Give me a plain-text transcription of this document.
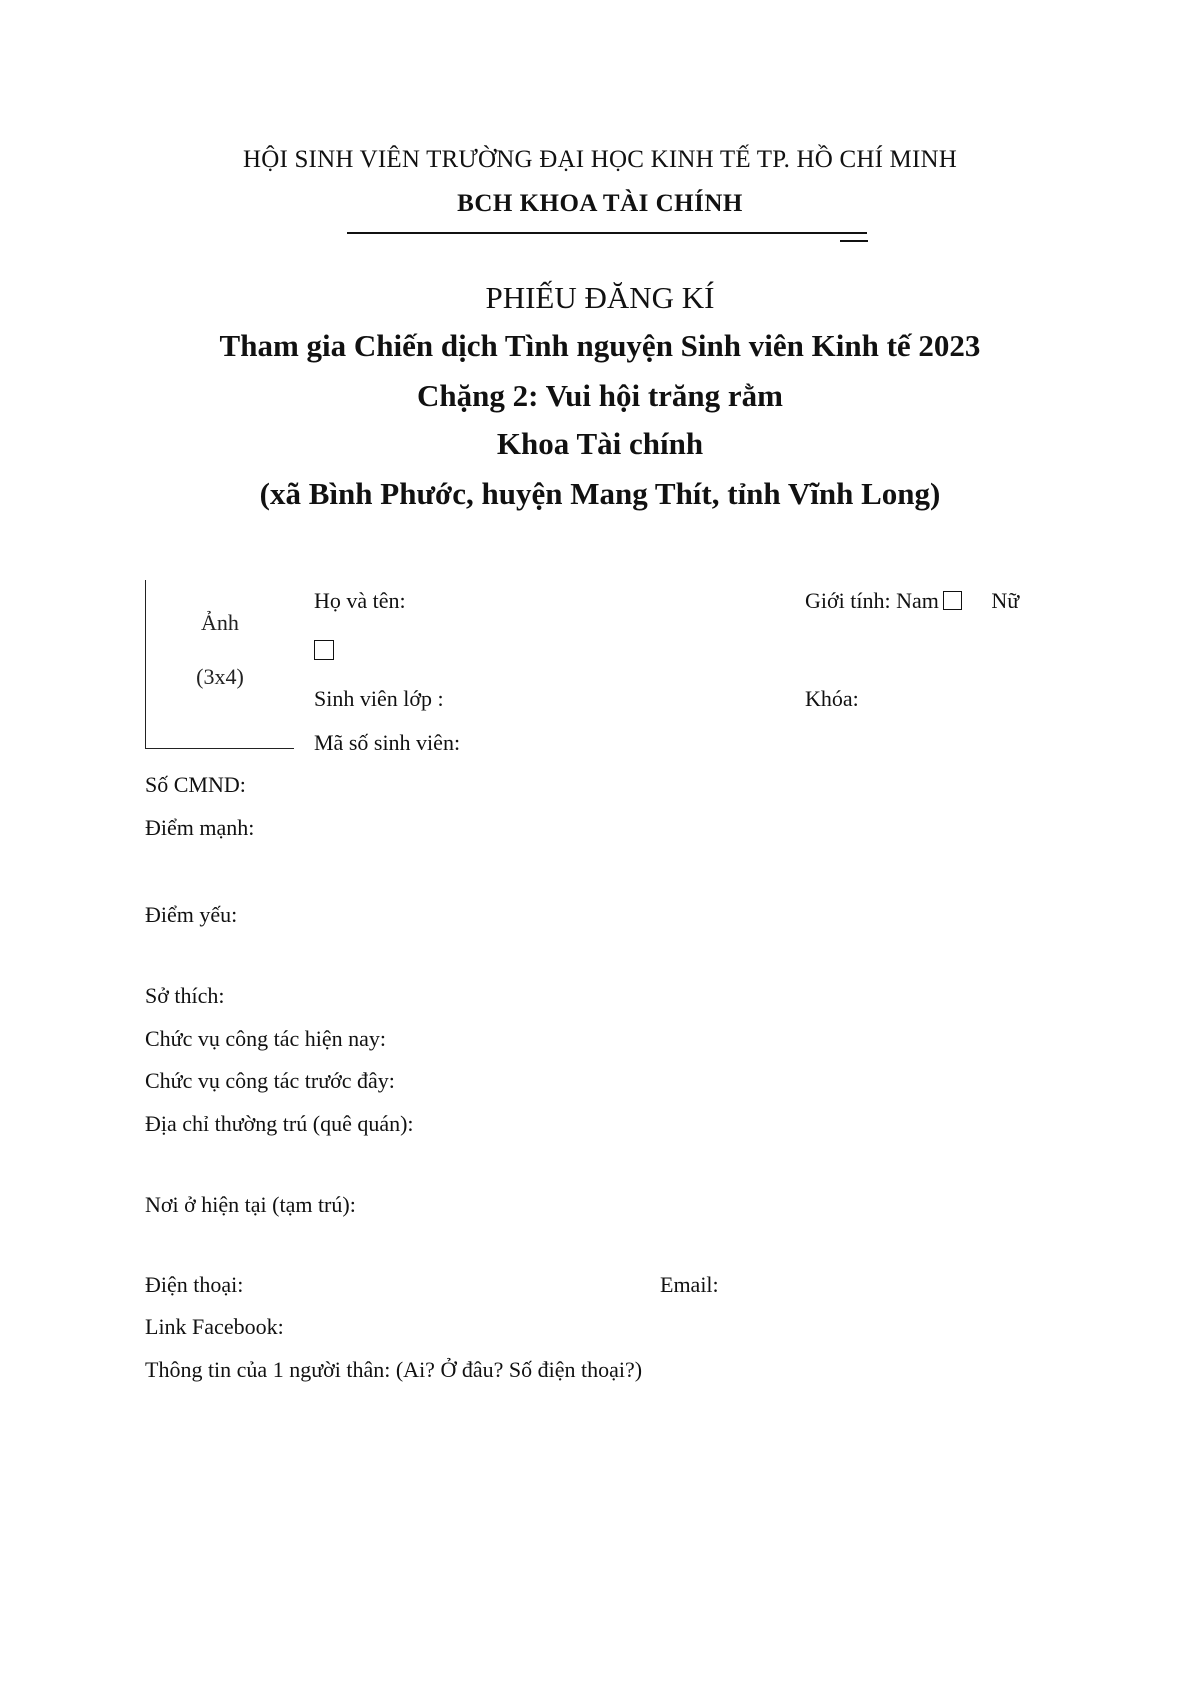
HỘI SINH VIÊN TRƯỜNG ĐẠI HỌC KINH TẾ TP. HỒ CHÍ MINH
BCH KHOA TÀI CHÍNH
PHIẾU ĐĂNG KÍ
Tham gia Chiến dịch Tình nguyện Sinh viên Kinh tế 2023
Chặng 2: Vui hội trăng rằm
Khoa Tài chính
(xã Bình Phước, huyện Mang Thít, tỉnh Vĩnh Long)
Ảnh
(3x4)
Họ và tên:	Giới tính: Nam Nữ
Sinh viên lớp :	Khóa:
Mã số sinh viên:
Số CMND:
Điểm mạnh:
Điểm yếu:
Sở thích:
Chức vụ công tác hiện nay:
Chức vụ công tác trước đây:
Địa chỉ thường trú (quê quán):
Nơi ở hiện tại (tạm trú):
Điện thoại:	Email:
Link Facebook:
Thông tin của 1 người thân: (Ai? Ở đâu? Số điện thoại?)
